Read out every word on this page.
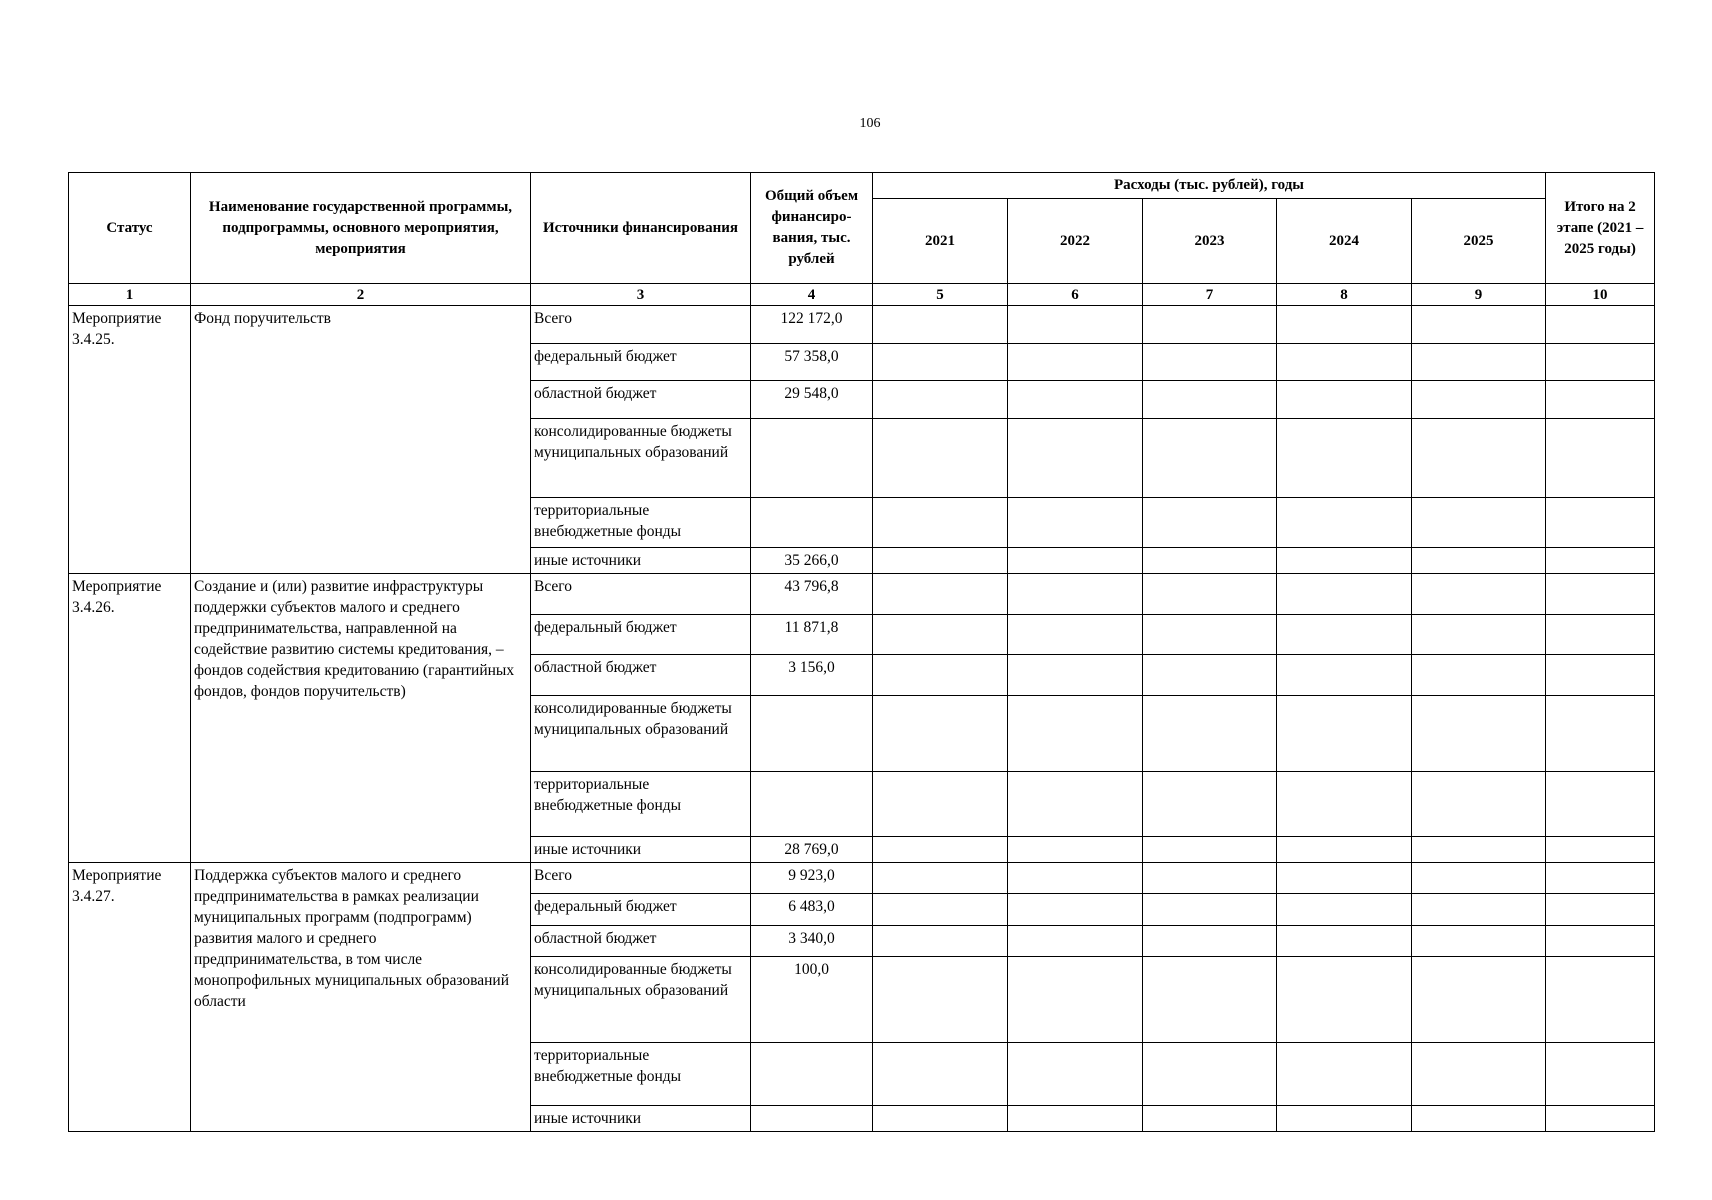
106
Статус	Наименование государственной программы, подпрограммы, основного мероприятия, мероприятия	Источники финансирования	Общий объем финансиро-вания, тыс. рублей	Расходы (тыс. рублей), годы					Итого на 2 этапе (2021 – 2025 годы)
				2021	2022	2023	2024	2025	
1	2	3	4	5	6	7	8	9	10
Мероприятие 3.4.25.	Фонд поручительств	Всего	122 172,0						
		федеральный бюджет	57 358,0						
		областной бюджет	29 548,0						
		консолидированные бюджеты муниципальных образований							
		территориальные внебюджетные фонды							
		иные источники	35 266,0						
Мероприятие 3.4.26.	Создание и (или) развитие инфраструктуры поддержки субъектов малого и среднего предпринимательства, направленной на содействие развитию системы кредитования, – фондов содействия кредитованию (гарантийных фондов, фондов поручительств)	Всего	43 796,8						
		федеральный бюджет	11 871,8						
		областной бюджет	3 156,0						
		консолидированные бюджеты муниципальных образований							
		территориальные внебюджетные фонды							
		иные источники	28 769,0						
Мероприятие 3.4.27.	Поддержка субъектов малого и среднего предпринимательства в рамках реализации муниципальных программ (подпрограмм) развития малого и среднего предпринимательства, в том числе монопрофильных муниципальных образований области	Всего	9 923,0						
		федеральный бюджет	6 483,0						
		областной бюджет	3 340,0						
		консолидированные бюджеты муниципальных образований	100,0						
		территориальные внебюджетные фонды							
		иные источники							
